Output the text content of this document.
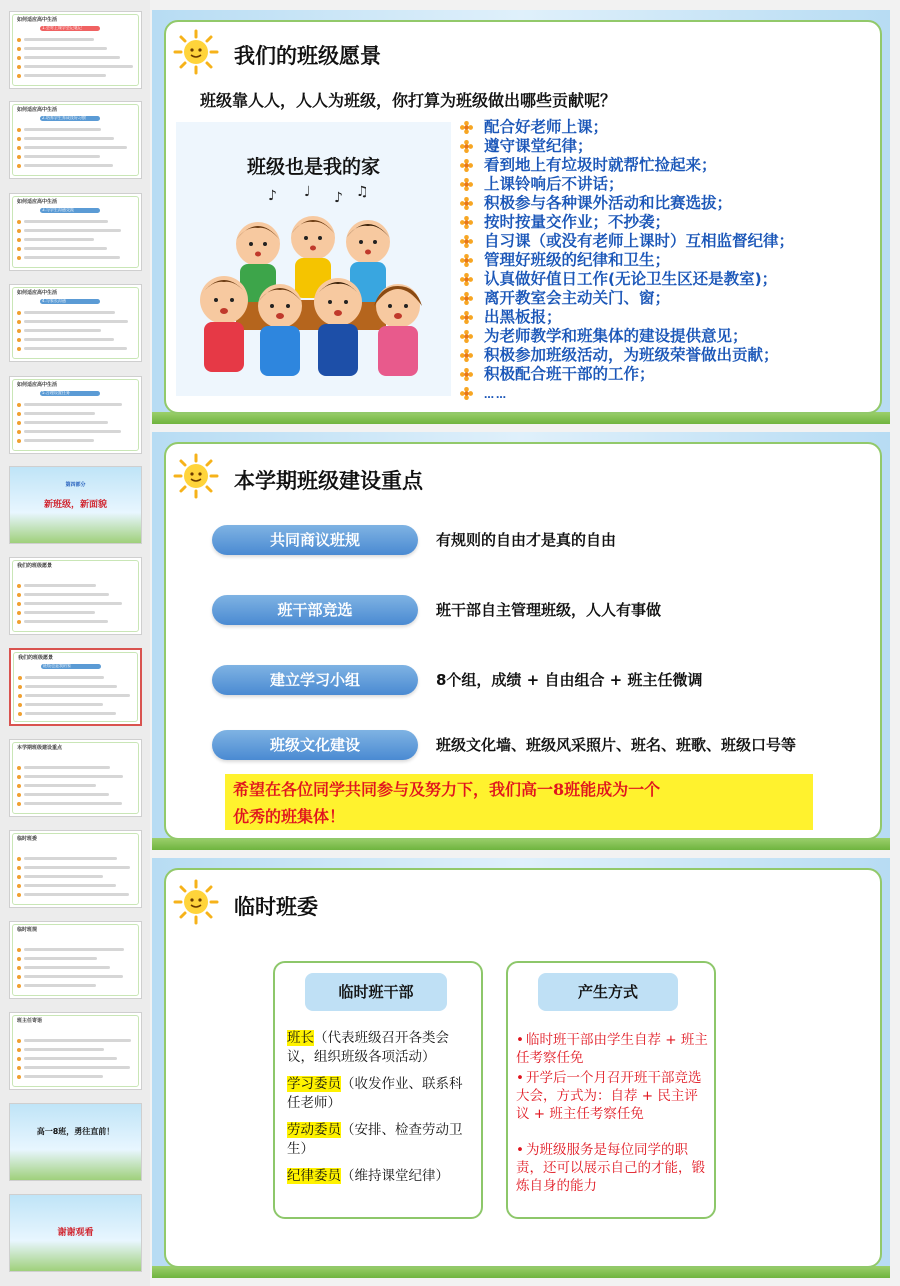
如何适应高中生活
1.会对上课学会记笔记
如何适应高中生活
2.培养学生养成良好习惯
如何适应高中生活
3.与学生沟通交流
如何适应高中生活
4.与家长沟通
如何适应高中生活
5.合理设置任务
新班级，新面貌
第四部分
我们的班级愿景
我们的班级愿景
班级也是我的家
本学期班级建设重点
临时班委
临时班规
班主任寄语
高一8班，勇往直前！
谢谢观看
我们的班级愿景
班级靠人人，人人为班级，你打算为班级做出哪些贡献呢？
班级也是我的家
♪ ♩ ♪ ♫
配合好老师上课；
遵守课堂纪律；
看到地上有垃圾时就帮忙捡起来；
上课铃响后不讲话；
积极参与各种课外活动和比赛选拔；
按时按量交作业；不抄袭；
自习课（或没有老师上课时）互相监督纪律；
管理好班级的纪律和卫生；
认真做好值日工作(无论卫生区还是教室)；
离开教室会主动关门、窗；
出黑板报；
为老师教学和班集体的建设提供意见；
积极参加班级活动，为班级荣誉做出贡献；
积极配合班干部的工作；
……
本学期班级建设重点
共同商议班规	有规则的自由才是真的自由
班干部竞选	班干部自主管理班级，人人有事做
建立学习小组	8个组，成绩 + 自由组合 + 班主任微调
班级文化建设	班级文化墙、班级风采照片、班名、班歌、班级口号等
希望在各位同学共同参与及努力下，我们高一8班能成为一个
优秀的班集体！
临时班委
临时班干部
班长（代表班级召开各类会议，组织班级各项活动）
学习委员（收发作业、联系科任老师）
劳动委员（安排、检查劳动卫生）
纪律委员（维持课堂纪律）
产生方式
• 临时班干部由学生自荐 + 班主任考察任免
• 开学后一个月召开班干部竞选大会，方式为：自荐 + 民主评议 + 班主任考察任免
• 为班级服务是每位同学的职责，还可以展示自己的才能，锻炼自身的能力
